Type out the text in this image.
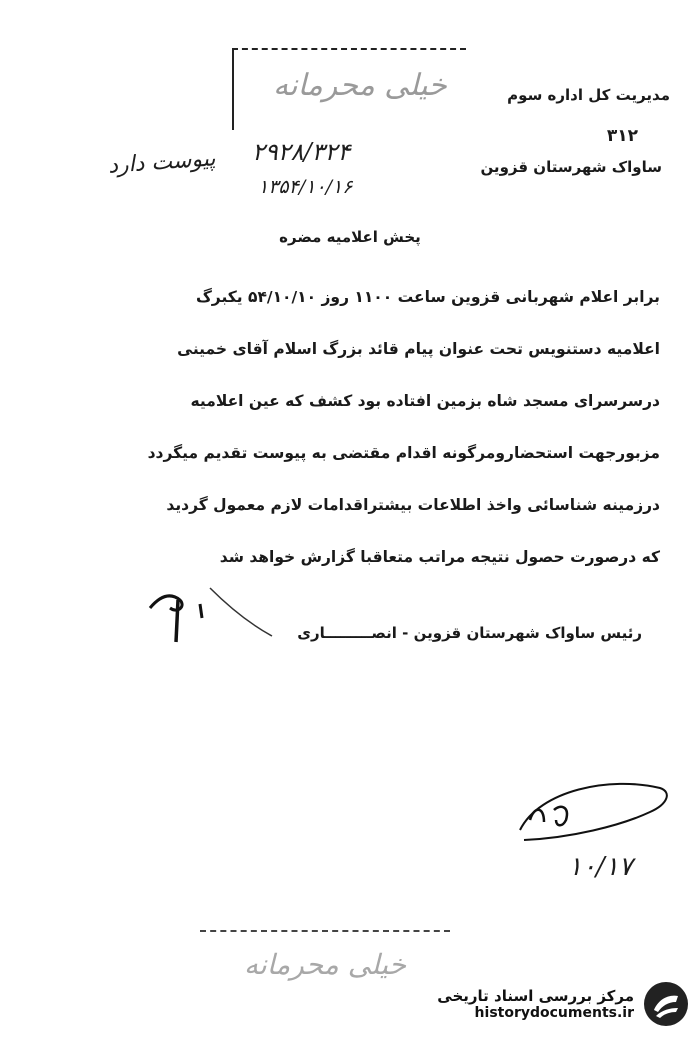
مدیریت کل اداره سوم
۳۱۲
ساواک شهرستان قزوین
خیلی محرمانه
پیوست دارد ۲۹۲۸/۳۲۴
۱۳۵۴/۱۰/۱۶
پخش اعلامیه مضره
برابر اعلام شهربانی قزوین ساعت ۱۱۰۰ روز ۵۴/۱۰/۱۰ یکبرگ
اعلامیه دستنویس تحت عنوان پیام قائد بزرگ اسلام آقای خمینی
درسرسرای مسجد شاه بزمین افتاده بود کشف که عین اعلامیه
مزبورجهت استحضارومرگونه اقدام مقتضی به پیوست تقدیم میگردد
درزمینه شناسائی واخذ اطلاعات بیشتراقدامات لازم معمول گردید
که درصورت حصول نتیجه مراتب متعاقبا گزارش خواهد شد
رئیس ساواک شهرستان قزوین - انصـــــــــاری
۱۰/۱۷
خیلی محرمانه
مرکز بررسی اسناد تاریخی
historydocuments.ir
